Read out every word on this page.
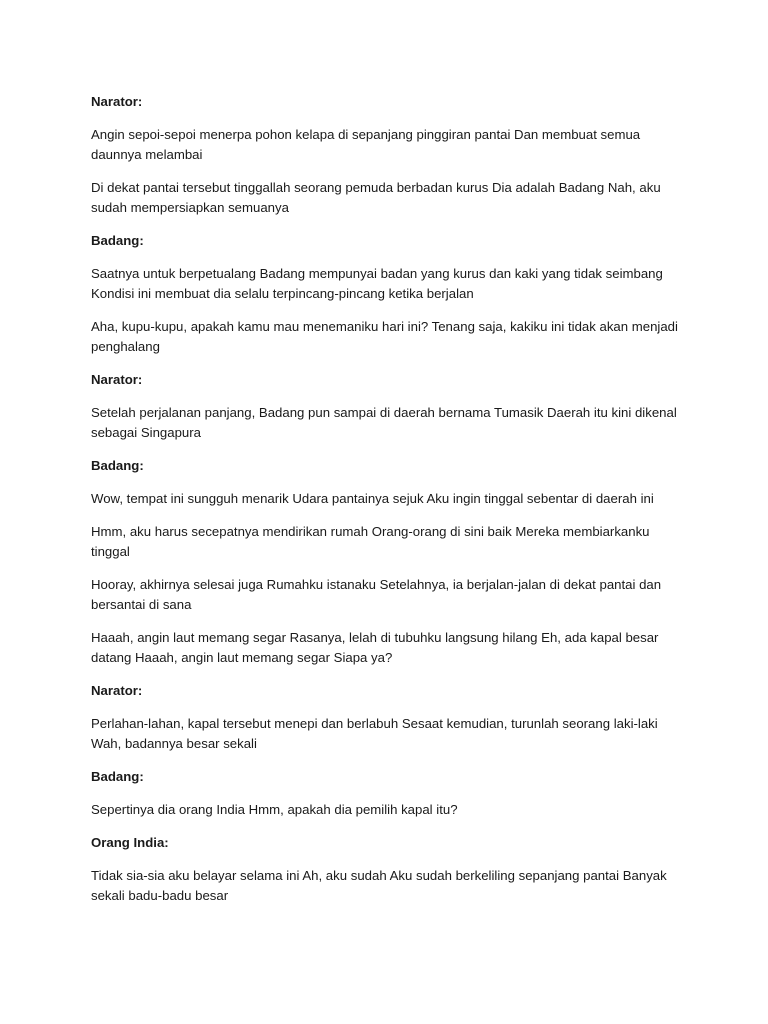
Narator:

Angin sepoi-sepoi menerpa pohon kelapa di sepanjang pinggiran pantai Dan membuat semua daunnya melambai

Di dekat pantai tersebut tinggallah seorang pemuda berbadan kurus Dia adalah Badang Nah, aku sudah mempersiapkan semuanya

Badang:

Saatnya untuk berpetualang Badang mempunyai badan yang kurus dan kaki yang tidak seimbang Kondisi ini membuat dia selalu terpincang-pincang ketika berjalan

Aha, kupu-kupu, apakah kamu mau menemaniku hari ini? Tenang saja, kakiku ini tidak akan menjadi penghalang

Narator:

Setelah perjalanan panjang, Badang pun sampai di daerah bernama Tumasik Daerah itu kini dikenal sebagai Singapura

Badang:

Wow, tempat ini sungguh menarik Udara pantainya sejuk Aku ingin tinggal sebentar di daerah ini

Hmm, aku harus secepatnya mendirikan rumah Orang-orang di sini baik Mereka membiarkanku tinggal

Hooray, akhirnya selesai juga Rumahku istanaku Setelahnya, ia berjalan-jalan di dekat pantai dan bersantai di sana

Haaah, angin laut memang segar Rasanya, lelah di tubuhku langsung hilang Eh, ada kapal besar datang Haaah, angin laut memang segar Siapa ya?

Narator:

Perlahan-lahan, kapal tersebut menepi dan berlabuh Sesaat kemudian, turunlah seorang laki-laki Wah, badannya besar sekali

Badang:

Sepertinya dia orang India Hmm, apakah dia pemilih kapal itu?

Orang India:

Tidak sia-sia aku belayar selama ini Ah, aku sudah Aku sudah berkeliling sepanjang pantai Banyak sekali badu-badu besar
